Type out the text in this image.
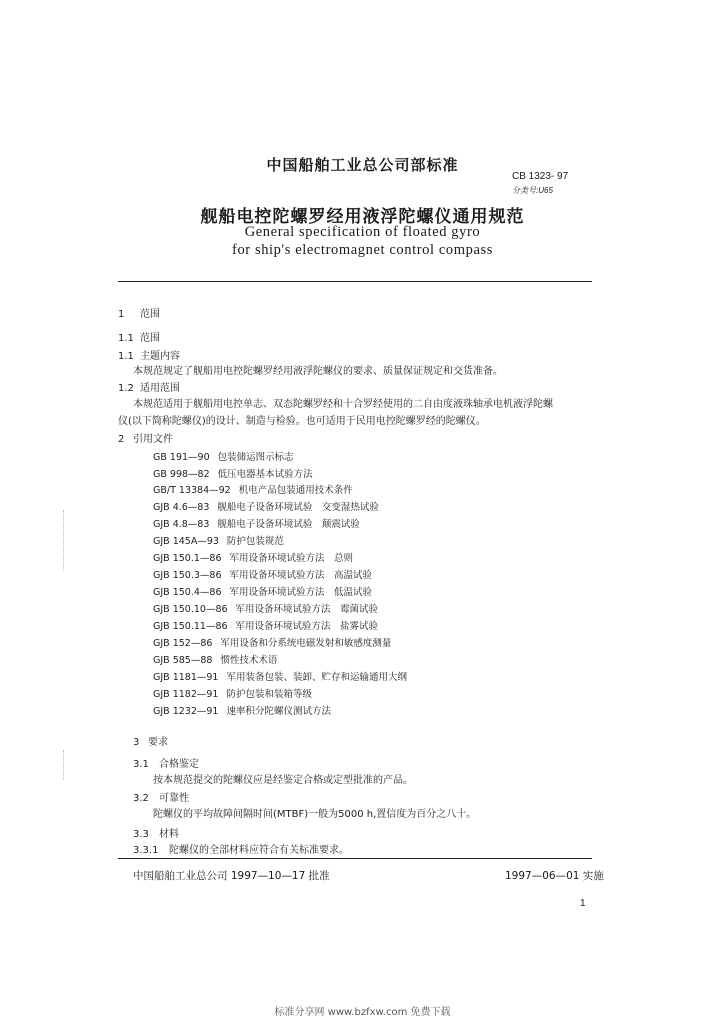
中国船舶工业总公司部标准
CB 1323- 97
分类号:U65
舰船电控陀螺罗经用液浮陀螺仪通用规范
General specification of floated gyro
for ship's electromagnet control compass
1 范围
1.1 范围
1.1 主题内容
本规范规定了舰船用电控陀螺罗经用液浮陀螺仪的要求、质量保证规定和交货准备。
1.2 适用范围
本规范适用于舰船用电控单志、双态陀螺罗经和十合罗经使用的二自由度液珠轴承电机液浮陀螺
仪(以下简称陀螺仪)的设计、制造与检验。也可适用于民用电控陀螺罗经的陀螺仪。
2 引用文件
GB 191—90 包装储运图示标志
GB 998—82 低压电器基本试验方法
GB/T 13384—92 机电产品包装通用技术条件
GJB 4.6—83 舰船电子设备环境试验　交变湿热试验
GJB 4.8—83 舰船电子设备环境试验　颠震试验
GJB 145A—93 防护包装规范
GJB 150.1—86 军用设备环境试验方法　总则
GJB 150.3—86 军用设备环境试验方法　高温试验
GJB 150.4—86 军用设备环境试验方法　低温试验
GJB 150.10—86 军用设备环境试验方法　霉菌试验
GJB 150.11—86 军用设备环境试验方法　盐雾试验
GJB 152—86 军用设备和分系统电磁发射和敏感度测量
GJB 585—88 惯性技术术语
GJB 1181—91 军用装备包装、装卸、贮存和运输通用大纲
GJB 1182—91 防护包装和装箱等级
GJB 1232—91 速率积分陀螺仪测试方法
3 要求
3.1 合格鉴定
按本规范提交的陀螺仪应是经鉴定合格或定型批准的产品。
3.2 可靠性
陀螺仪的平均故障间隔时间(MTBF)一般为5000 h,置信度为百分之八十。
3.3 材料
3.3.1 陀螺仪的全部材料应符合有关标准要求。
中国船舶工业总公司 1997—10—17 批准	1997—06—01 实施
1
标准分享网 www.bzfxw.com 免费下载
